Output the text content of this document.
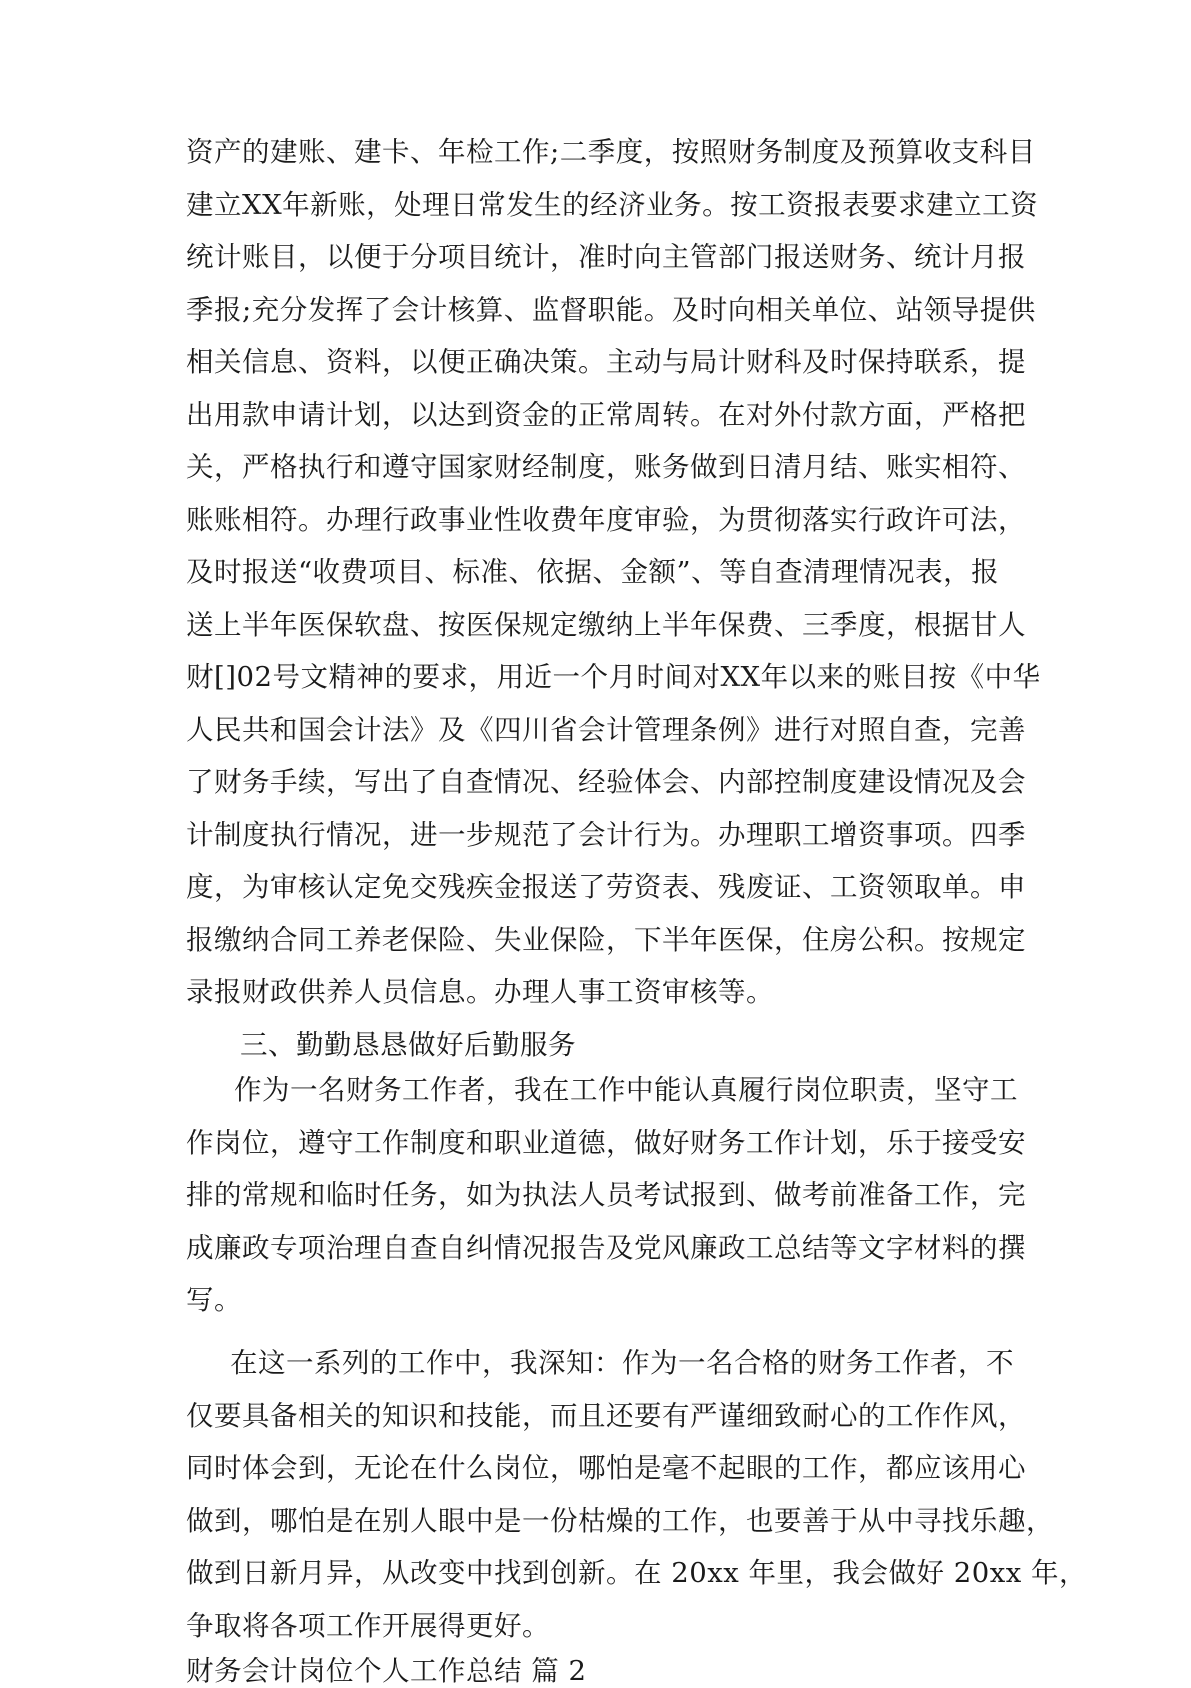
资产的建账、建卡、年检工作;二季度，按照财务制度及预算收支科目
建立XX年新账，处理日常发生的经济业务。按工资报表要求建立工资
统计账目，以便于分项目统计，准时向主管部门报送财务、统计月报
季报;充分发挥了会计核算、监督职能。及时向相关单位、站领导提供
相关信息、资料，以便正确决策。主动与局计财科及时保持联系，提
出用款申请计划，以达到资金的正常周转。在对外付款方面，严格把
关，严格执行和遵守国家财经制度，账务做到日清月结、账实相符、
账账相符。办理行政事业性收费年度审验，为贯彻落实行政许可法，
及时报送“收费项目、标准、依据、金额”、等自查清理情况表，报
送上半年医保软盘、按医保规定缴纳上半年保费、三季度，根据甘人
财[]02号文精神的要求，用近一个月时间对XX年以来的账目按《中华
人民共和国会计法》及《四川省会计管理条例》进行对照自查，完善
了财务手续，写出了自查情况、经验体会、内部控制度建设情况及会
计制度执行情况，进一步规范了会计行为。办理职工增资事项。四季
度，为审核认定免交残疾金报送了劳资表、残废证、工资领取单。申
报缴纳合同工养老保险、失业保险，下半年医保，住房公积。按规定
录报财政供养人员信息。办理人事工资审核等。
三、勤勤恳恳做好后勤服务
作为一名财务工作者，我在工作中能认真履行岗位职责，坚守工
作岗位，遵守工作制度和职业道德，做好财务工作计划，乐于接受安
排的常规和临时任务，如为执法人员考试报到、做考前准备工作，完
成廉政专项治理自查自纠情况报告及党风廉政工总结等文字材料的撰
写。
在这一系列的工作中，我深知：作为一名合格的财务工作者，不
仅要具备相关的知识和技能，而且还要有严谨细致耐心的工作作风，
同时体会到，无论在什么岗位，哪怕是毫不起眼的工作，都应该用心
做到，哪怕是在别人眼中是一份枯燥的工作，也要善于从中寻找乐趣，
做到日新月异，从改变中找到创新。在 20xx 年里，我会做好 20xx 年，
争取将各项工作开展得更好。
财务会计岗位个人工作总结 篇 2
